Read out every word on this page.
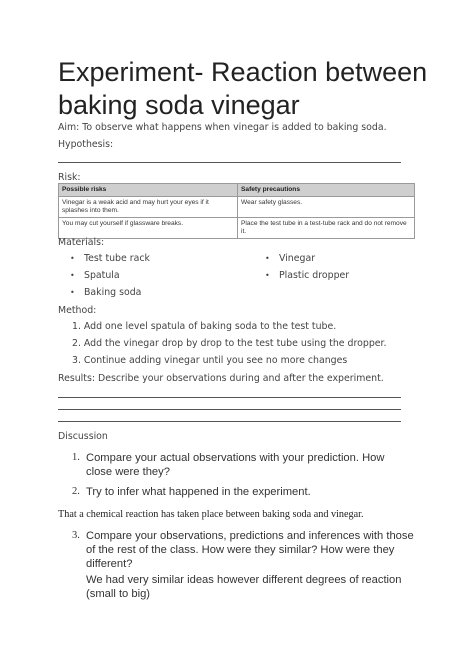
Experiment- Reaction between baking soda vinegar
Aim: To observe what happens when vinegar is added to baking soda.
Hypothesis:
Risk:
Possible risks	Safety precautions
Vinegar is a weak acid and may hurt your eyes if it splashes into them.	Wear safety glasses.
You may cut yourself if glassware breaks.	Place the test tube in a test-tube rack and do not remove it.
Materials:
• Test tube rack
• Spatula
• Baking soda
• Vinegar
• Plastic dropper
Method:
1. Add one level spatula of baking soda to the test tube.
2. Add the vinegar drop by drop to the test tube using the dropper.
3. Continue adding vinegar until you see no more changes
Results: Describe your observations during and after the experiment.
Discussion
1. Compare your actual observations with your prediction. How close were they?
2. Try to infer what happened in the experiment.
That a chemical reaction has taken place between baking soda and vinegar.
3. Compare your observations, predictions and inferences with those of the rest of the class. How were they similar? How were they different?
We had very similar ideas however different degrees of reaction (small to big)
